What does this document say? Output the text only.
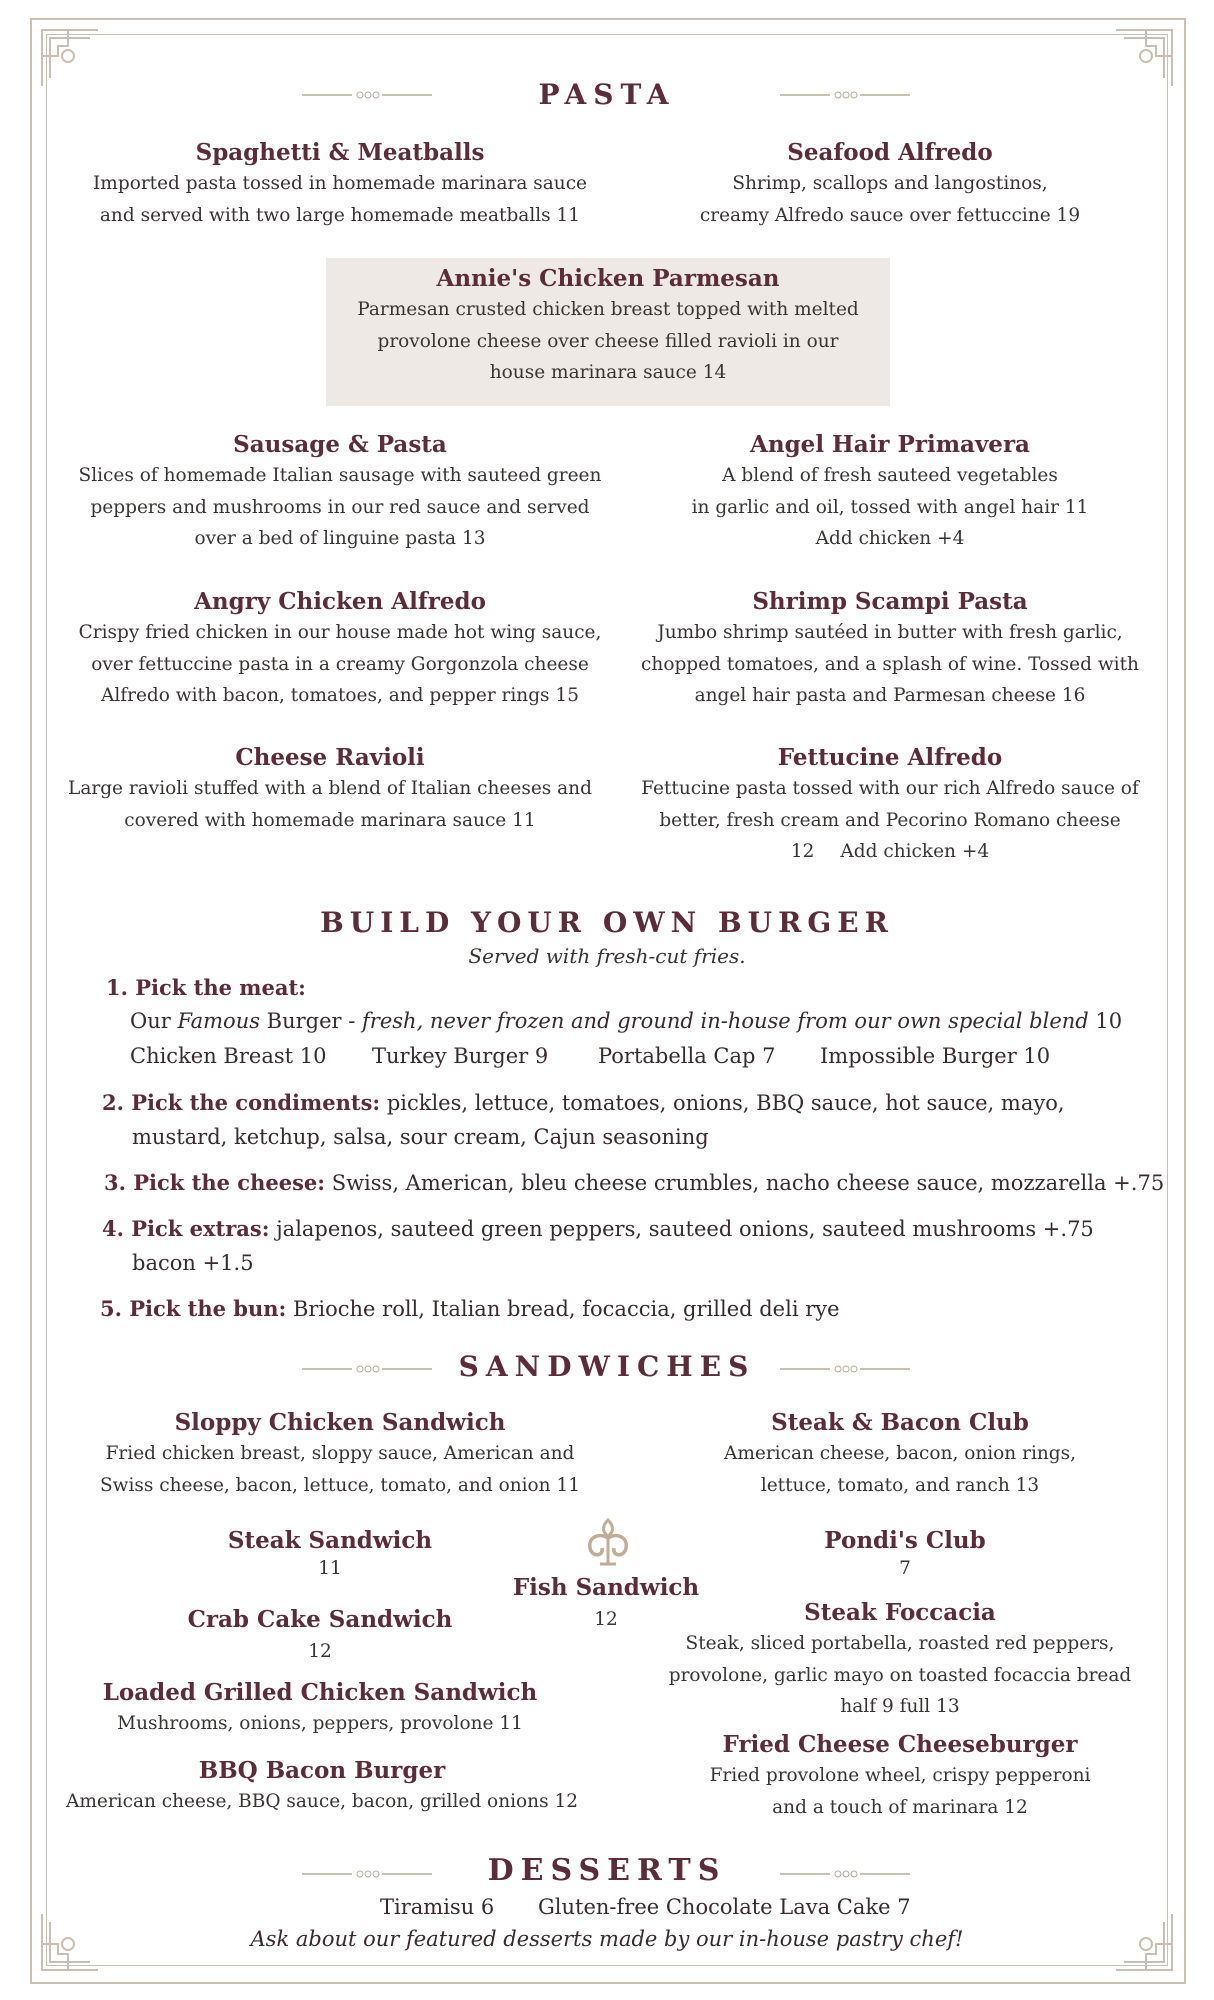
PASTA
Spaghetti & Meatballs
Imported pasta tossed in homemade marinara sauce
and served with two large homemade meatballs 11
Seafood Alfredo
Shrimp, scallops and langostinos,
creamy Alfredo sauce over fettuccine 19
Annie's Chicken Parmesan
Parmesan crusted chicken breast topped with melted
provolone cheese over cheese filled ravioli in our
house marinara sauce 14
Sausage & Pasta
Slices of homemade Italian sausage with sauteed green
peppers and mushrooms in our red sauce and served
over a bed of linguine pasta 13
Angel Hair Primavera
A blend of fresh sauteed vegetables
in garlic and oil, tossed with angel hair 11
Add chicken +4
Angry Chicken Alfredo
Crispy fried chicken in our house made hot wing sauce,
over fettuccine pasta in a creamy Gorgonzola cheese
Alfredo with bacon, tomatoes, and pepper rings 15
Shrimp Scampi Pasta
Jumbo shrimp sautéed in butter with fresh garlic,
chopped tomatoes, and a splash of wine. Tossed with
angel hair pasta and Parmesan cheese 16
Cheese Ravioli
Large ravioli stuffed with a blend of Italian cheeses and
covered with homemade marinara sauce 11
Fettucine Alfredo
Fettucine pasta tossed with our rich Alfredo sauce of
better, fresh cream and Pecorino Romano cheese
12 Add chicken +4
BUILD YOUR OWN BURGER
Served with fresh-cut fries.
1. Pick the meat:
Our Famous Burger - fresh, never frozen and ground in-house from our own special blend 10
Chicken Breast 10 Turkey Burger 9 Portabella Cap 7 Impossible Burger 10
2. Pick the condiments: pickles, lettuce, tomatoes, onions, BBQ sauce, hot sauce, mayo,
mustard, ketchup, salsa, sour cream, Cajun seasoning
3. Pick the cheese: Swiss, American, bleu cheese crumbles, nacho cheese sauce, mozzarella +.75
4. Pick extras: jalapenos, sauteed green peppers, sauteed onions, sauteed mushrooms +.75
bacon +1.5
5. Pick the bun: Brioche roll, Italian bread, focaccia, grilled deli rye
SANDWICHES
Sloppy Chicken Sandwich
Fried chicken breast, sloppy sauce, American and
Swiss cheese, bacon, lettuce, tomato, and onion 11
Steak & Bacon Club
American cheese, bacon, onion rings,
lettuce, tomato, and ranch 13
Steak Sandwich
11
Pondi's Club
7
Fish Sandwich
12
Crab Cake Sandwich
12
Steak Foccacia
Steak, sliced portabella, roasted red peppers,
provolone, garlic mayo on toasted focaccia bread
half 9 full 13
Loaded Grilled Chicken Sandwich
Mushrooms, onions, peppers, provolone 11
Fried Cheese Cheeseburger
Fried provolone wheel, crispy pepperoni
and a touch of marinara 12
BBQ Bacon Burger
American cheese, BBQ sauce, bacon, grilled onions 12
DESSERTS
Tiramisu 6 Gluten-free Chocolate Lava Cake 7
Ask about our featured desserts made by our in-house pastry chef!
